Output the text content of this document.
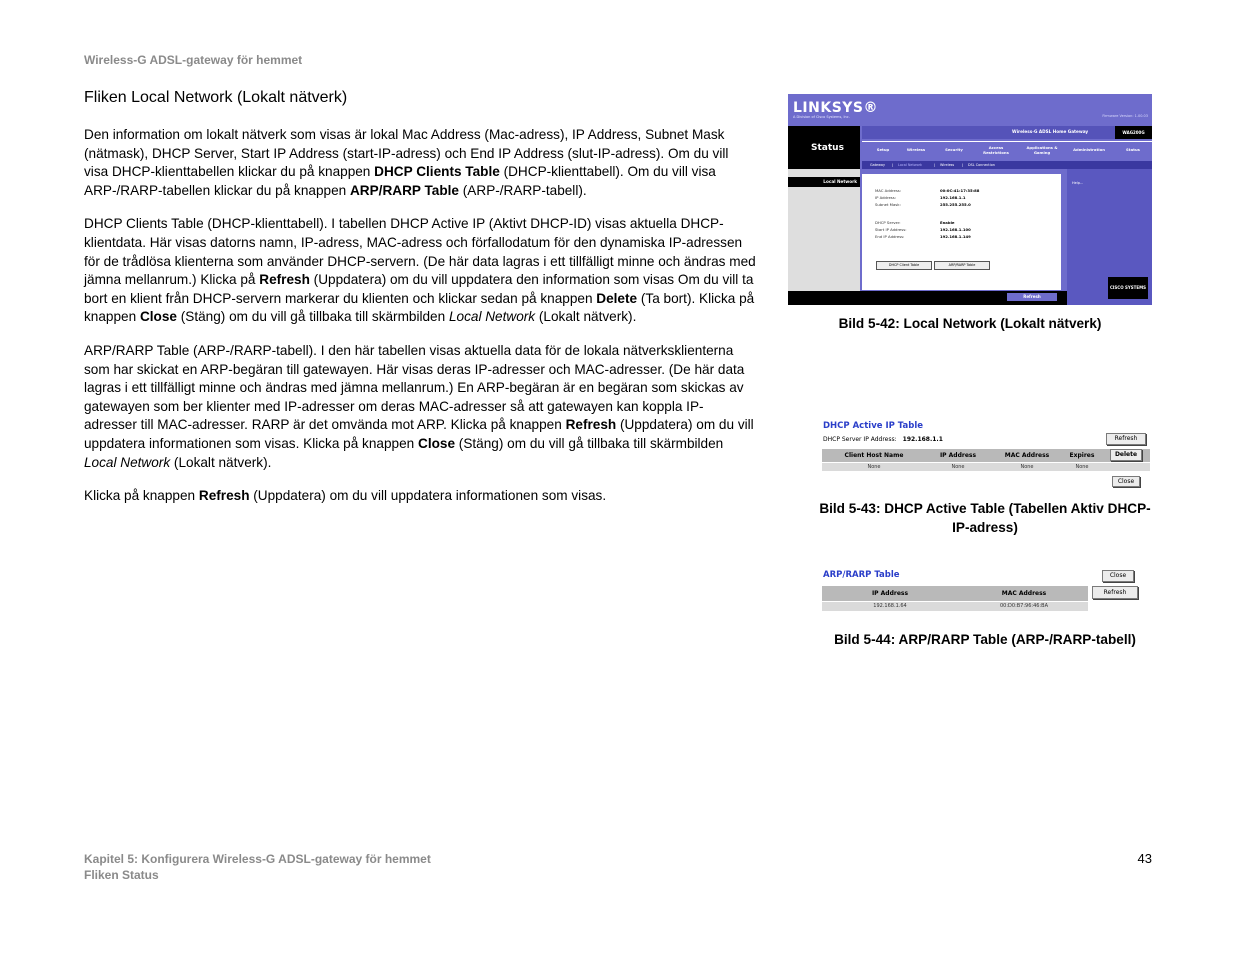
Wireless-G ADSL-gateway för hemmet
Fliken Local Network (Lokalt nätverk)

Den information om lokalt nätverk som visas är lokal Mac Address (Mac-adress), IP Address, Subnet Mask (nätmask), DHCP Server, Start IP Address (start-IP-adress) och End IP Address (slut-IP-adress). Om du vill visa DHCP-klienttabellen klickar du på knappen DHCP Clients Table (DHCP-klienttabell). Om du vill visa ARP-/RARP-tabellen klickar du på knappen ARP/RARP Table (ARP-/RARP-tabell).

DHCP Clients Table (DHCP-klienttabell). I tabellen DHCP Active IP (Aktivt DHCP-ID) visas aktuella DHCP-klientdata. Här visas datorns namn, IP-adress, MAC-adress och förfallodatum för den dynamiska IP-adressen för de trådlösa klienterna som använder DHCP-servern. (De här data lagras i ett tillfälligt minne och ändras med jämna mellanrum.) Klicka på Refresh (Uppdatera) om du vill uppdatera den information som visas Om du vill ta bort en klient från DHCP-servern markerar du klienten och klickar sedan på knappen Delete (Ta bort). Klicka på knappen Close (Stäng) om du vill gå tillbaka till skärmbilden Local Network (Lokalt nätverk).

ARP/RARP Table (ARP-/RARP-tabell). I den här tabellen visas aktuella data för de lokala nätverksklienterna som har skickat en ARP-begäran till gatewayen. Här visas deras IP-adresser och MAC-adresser. (De här data lagras i ett tillfälligt minne och ändras med jämna mellanrum.) En ARP-begäran är en begäran som skickas av gatewayen som ber klienter med IP-adresser om deras MAC-adresser så att gatewayen kan koppla IP-adresser till MAC-adresser. RARP är det omvända mot ARP. Klicka på knappen Refresh (Uppdatera) om du vill uppdatera informationen som visas. Klicka på knappen Close (Stäng) om du vill gå tillbaka till skärmbilden Local Network (Lokalt nätverk).

Klicka på knappen Refresh (Uppdatera) om du vill uppdatera informationen som visas.

LINKSYS®
A Division of Cisco Systems, Inc.	Firmware Version: 1.00.03
Status
Wireless-G ADSL Home Gateway	WAG200G
Setup	Wireless	Security	Access Restrictions
Applications & Gaming	Administration	Status
Gateway | Local Network	| Wireless | DSL Connection
Local Network	Help...
MAC Address:	00:0C:41:17:35:88
IP Address:	192.168.1.1
Subnet Mask:	255.255.255.0
DHCP Server:	Enable
Start IP Address:	192.168.1.100
End IP Address:	192.168.1.149
DHCP Client Table	ARP/RARP Table
Refresh
CISCO SYSTEMS
Bild 5-42: Local Network (Lokalt nätverk)
DHCP Active IP Table
DHCP Server IP Address: 192.168.1.1	Refresh
Client Host Name	IP Address	MAC Address	Expires	Delete
None	None	None	None
Close
Bild 5-43: DHCP Active Table (Tabellen Aktiv DHCP-IP-adress)
ARP/RARP Table	Close
IP Address	MAC Address	Refresh
192.168.1.64	00:D0:B7:96:46:BA
Bild 5-44: ARP/RARP Table (ARP-/RARP-tabell)
Kapitel 5: Konfigurera Wireless-G ADSL-gateway för hemmet
Fliken Status
43
